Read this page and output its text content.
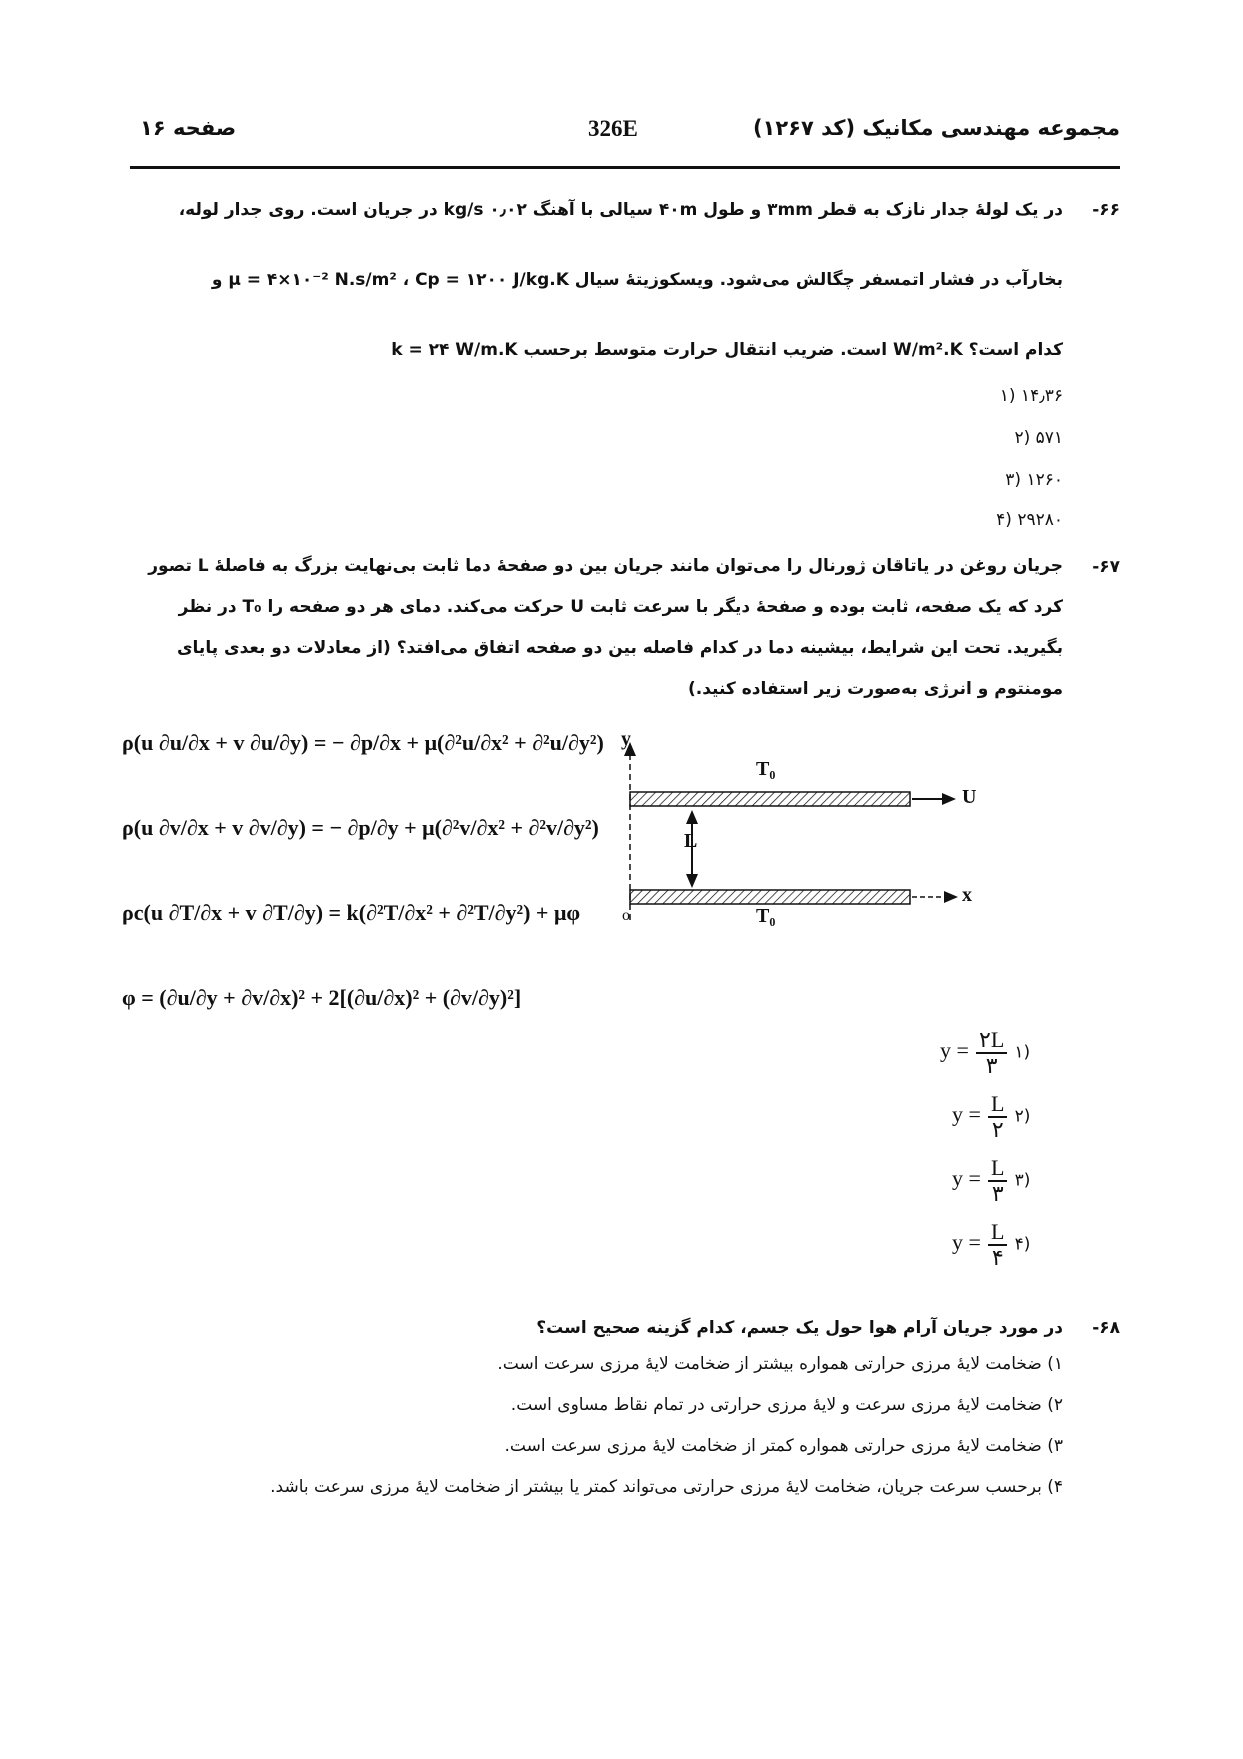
مجموعه مهندسی مکانیک (کد ۱۲۶۷)
326E
صفحه ۱۶
-۶۶
در یک لولهٔ جدار نازک به قطر ۳mm و طول ۴۰m سیالی با آهنگ ۰٫۰۲ kg/s در جریان است. روی جدار لوله،
بخارآب در فشار اتمسفر چگالش می‌شود. ویسکوزیتهٔ سیال μ = ۴×۱۰⁻² N.s/m² ، Cp = ۱۲۰۰ J/kg.K و
k = ۲۴ W/m.K است. ضریب انتقال حرارت متوسط برحسب W/m².K کدام است؟
۱) ۱۴٫۳۶
۲) ۵۷۱
۳) ۱۲۶۰
۴) ۲۹۲۸۰
-۶۷
جریان روغن در یاتاقان ژورنال را می‌توان مانند جریان بین دو صفحهٔ دما ثابت بی‌نهایت بزرگ به فاصلهٔ L تصور
کرد که یک صفحه، ثابت بوده و صفحهٔ دیگر با سرعت ثابت U حرکت می‌کند. دمای هر دو صفحه را T₀ در نظر
بگیرید. تحت این شرایط، بیشینه دما در کدام فاصله بین دو صفحه اتفاق می‌افتد؟ (از معادلات دو بعدی پایای
مومنتوم و انرژی به‌صورت زیر استفاده کنید.)
ρ(u ∂u/∂x + v ∂u/∂y) = − ∂p/∂x + μ(∂²u/∂x² + ∂²u/∂y²)
ρ(u ∂v/∂x + v ∂v/∂y) = − ∂p/∂y + μ(∂²v/∂x² + ∂²v/∂y²)
ρc(u ∂T/∂x + v ∂T/∂y) = k(∂²T/∂x² + ∂²T/∂y²) + μφ
φ = (∂u/∂y + ∂v/∂x)² + 2[(∂u/∂x)² + (∂v/∂y)²]
y
x
U
T₀
T₀
L
o
$y = \frac{۲L}{۳}$ ۱)
$y = \frac{L}{۲}$ ۲)
$y = \frac{L}{۳}$ ۳)
$y = \frac{L}{۴}$ ۴)
-۶۸
در مورد جریان آرام هوا حول یک جسم، کدام گزینه صحیح است؟
۱) ضخامت لایهٔ مرزی حرارتی همواره بیشتر از ضخامت لایهٔ مرزی سرعت است.
۲) ضخامت لایهٔ مرزی سرعت و لایهٔ مرزی حرارتی در تمام نقاط مساوی است.
۳) ضخامت لایهٔ مرزی حرارتی همواره کمتر از ضخامت لایهٔ مرزی سرعت است.
۴) برحسب سرعت جریان، ضخامت لایهٔ مرزی حرارتی می‌تواند کمتر یا بیشتر از ضخامت لایهٔ مرزی سرعت باشد.
